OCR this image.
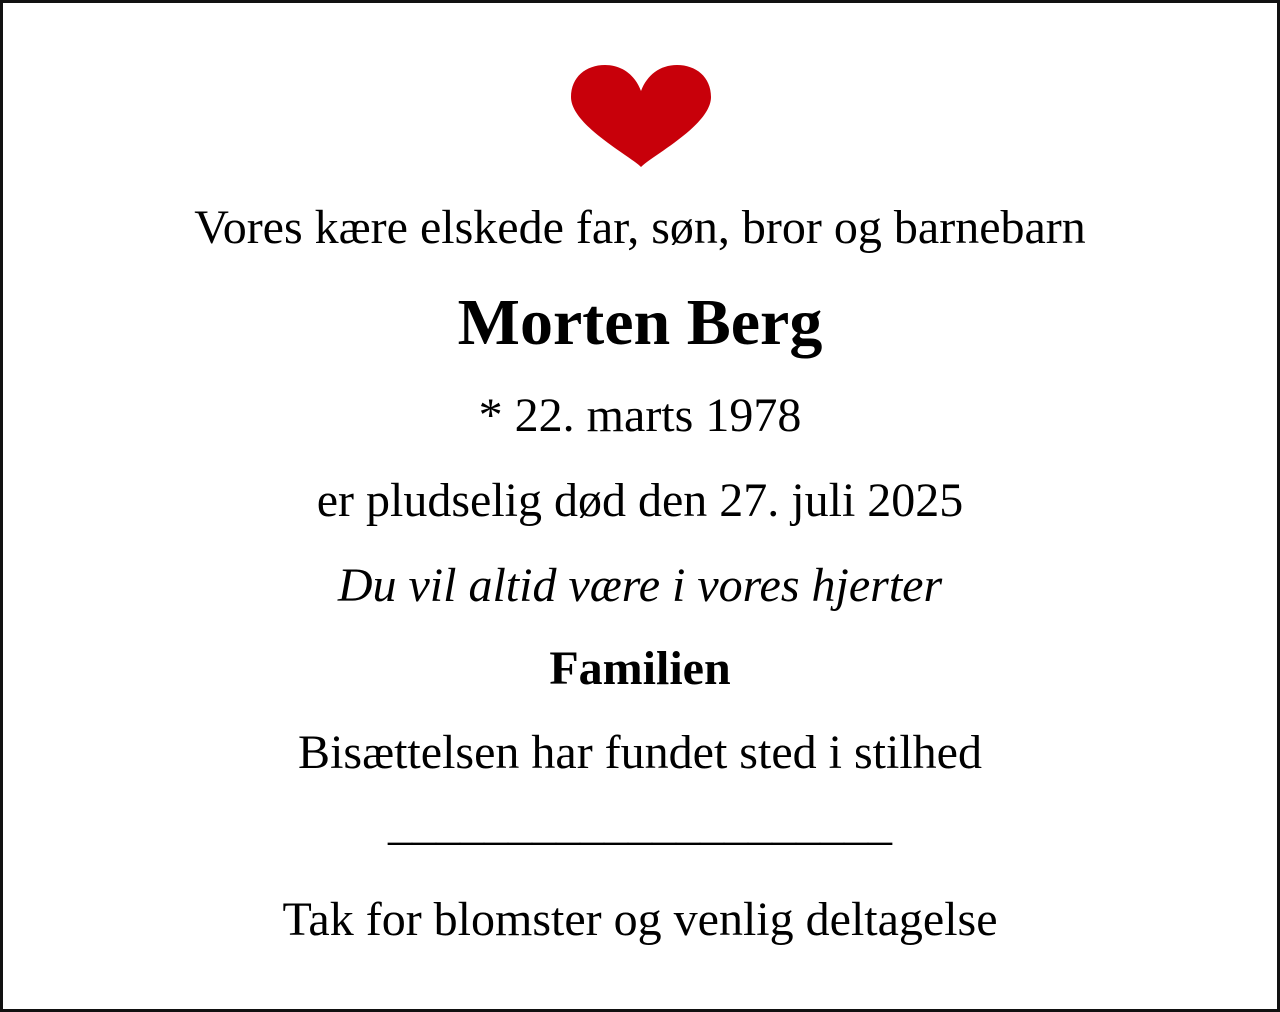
Vores kære elskede far, søn, bror og barnebarn
Morten Berg
* 22. marts 1978
er pludselig død den 27. juli 2025
Du vil altid være i vores hjerter
Familien
Bisættelsen har fundet sted i stilhed
_____________________
Tak for blomster og venlig deltagelse
